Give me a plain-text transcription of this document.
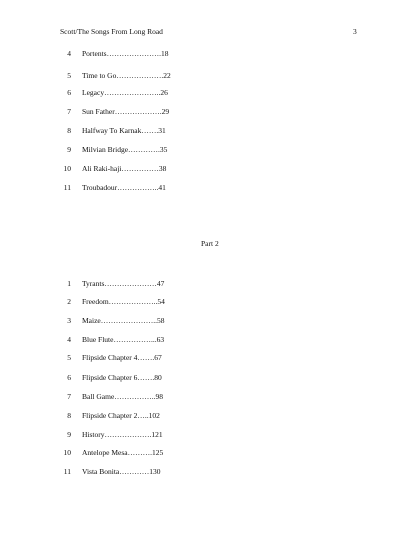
Scott/The Songs From Long Road	3
4 Portents………………….18
5 Time to Go……………….22
6 Legacy…………………..26
7 Sun Father……………….29
8 Halfway To Karnak…….31
9 Milvian Bridge………….35
10 Ali Raki-haji……………38
11 Troubadour……………..41
Part 2
1 Tyrants…………………47
2 Freedom………………..54
3 Maize…………………..58
4 Blue Flute……………...63
5 Flipside Chapter 4…….67
6 Flipside Chapter 6…….80
7 Ball Game……………..98
8 Flipside Chapter 2…..102
9 History……………….121
10 Antelope Mesa……….125
11 Vista Bonita…………130
